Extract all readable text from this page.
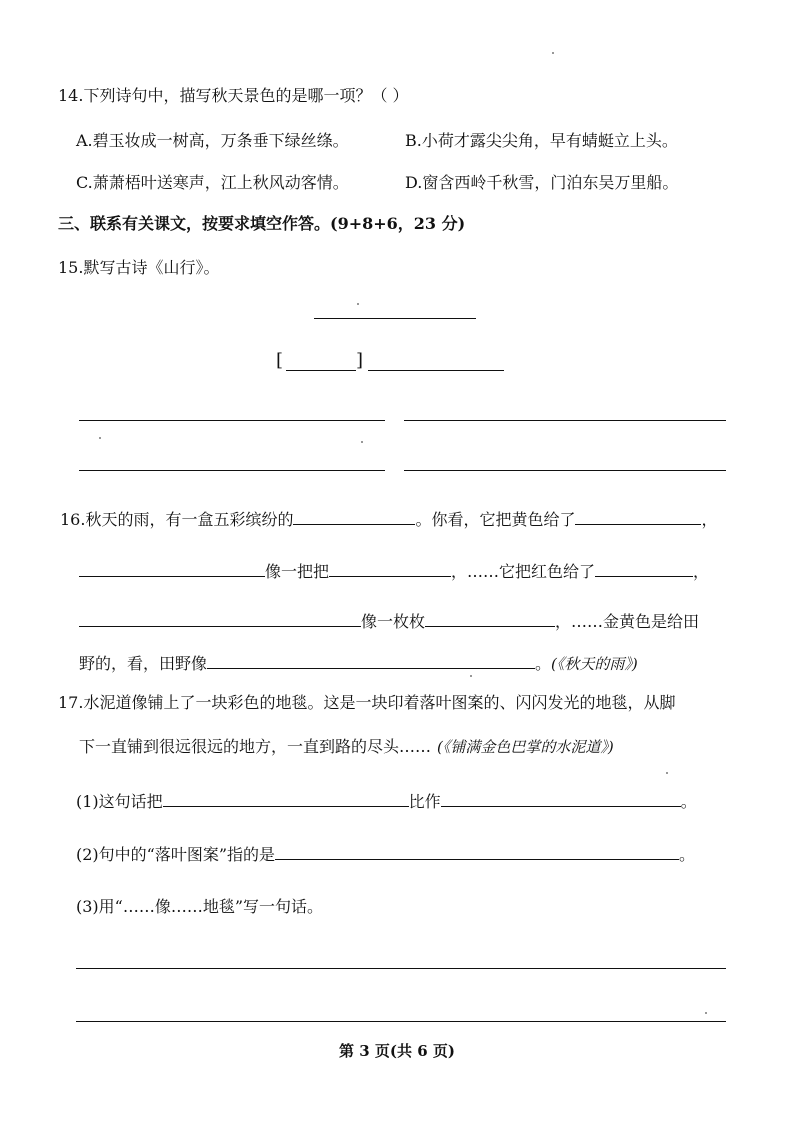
14.下列诗句中，描写秋天景色的是哪一项？（ ）
A.碧玉妆成一树高，万条垂下绿丝绦。	B.小荷才露尖尖角，早有蜻蜓立上头。
C.萧萧梧叶送寒声，江上秋风动客情。	D.窗含西岭千秋雪，门泊东吴万里船。
三、联系有关课文，按要求填空作答。(9+8+6，23 分)
15.默写古诗《山行》。
[	]
16.秋天的雨，有一盒五彩缤纷的	。你看，它把黄色给了	，
像一把把	，……它把红色给了	，
像一枚枚	，……金黄色是给田
野的，看，田野像	。(《秋天的雨》)
17.水泥道像铺上了一块彩色的地毯。这是一块印着落叶图案的、闪闪发光的地毯，从脚
下一直铺到很远很远的地方，一直到路的尽头…… (《铺满金色巴掌的水泥道》)
(1)这句话把	比作	。
(2)句中的“落叶图案”指的是	。
(3)用“……像……地毯”写一句话。
第 3 页(共 6 页)
